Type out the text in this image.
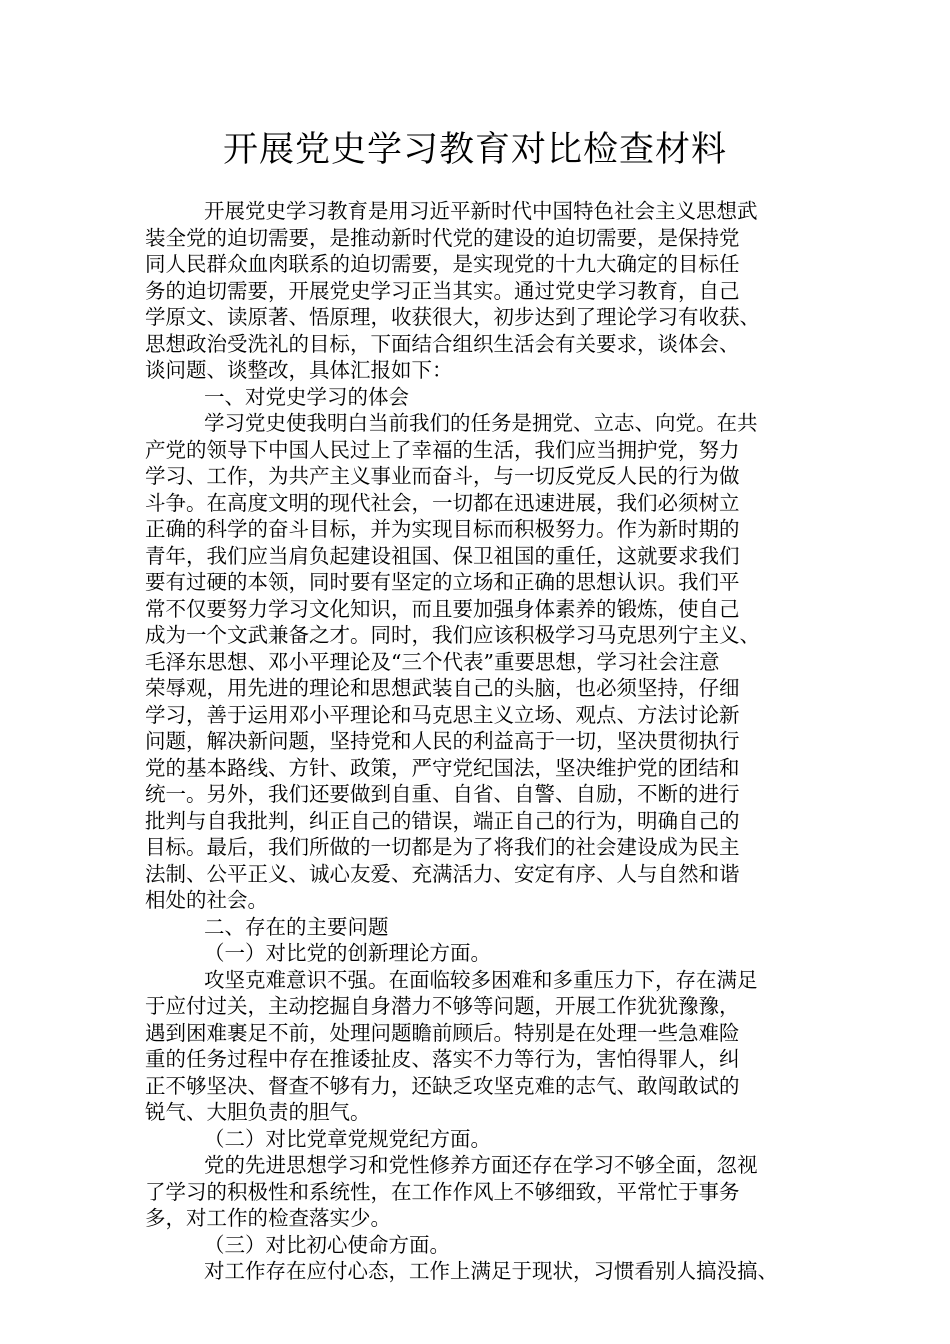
开展党史学习教育对比检查材料
开展党史学习教育是用习近平新时代中国特色社会主义思想武
装全党的迫切需要，是推动新时代党的建设的迫切需要，是保持党
同人民群众血肉联系的迫切需要，是实现党的十九大确定的目标任
务的迫切需要，开展党史学习正当其实。通过党史学习教育，自己
学原文、读原著、悟原理，收获很大，初步达到了理论学习有收获、
思想政治受洗礼的目标，下面结合组织生活会有关要求，谈体会、
谈问题、谈整改，具体汇报如下：
一、对党史学习的体会
学习党史使我明白当前我们的任务是拥党、立志、向党。在共
产党的领导下中国人民过上了幸福的生活，我们应当拥护党，努力
学习、工作，为共产主义事业而奋斗，与一切反党反人民的行为做
斗争。在高度文明的现代社会，一切都在迅速进展，我们必须树立
正确的科学的奋斗目标，并为实现目标而积极努力。作为新时期的
青年，我们应当肩负起建设祖国、保卫祖国的重任，这就要求我们
要有过硬的本领，同时要有坚定的立场和正确的思想认识。我们平
常不仅要努力学习文化知识，而且要加强身体素养的锻炼，使自己
成为一个文武兼备之才。同时，我们应该积极学习马克思列宁主义、
毛泽东思想、邓小平理论及“三个代表”重要思想，学习社会注意
荣辱观，用先进的理论和思想武装自己的头脑，也必须坚持，仔细
学习，善于运用邓小平理论和马克思主义立场、观点、方法讨论新
问题，解决新问题，坚持党和人民的利益高于一切，坚决贯彻执行
党的基本路线、方针、政策，严守党纪国法，坚决维护党的团结和
统一。另外，我们还要做到自重、自省、自警、自励，不断的进行
批判与自我批判，纠正自己的错误，端正自己的行为，明确自己的
目标。最后，我们所做的一切都是为了将我们的社会建设成为民主
法制、公平正义、诚心友爱、充满活力、安定有序、人与自然和谐
相处的社会。
二、存在的主要问题
（一）对比党的创新理论方面。
攻坚克难意识不强。在面临较多困难和多重压力下，存在满足
于应付过关，主动挖掘自身潜力不够等问题，开展工作犹犹豫豫，
遇到困难裹足不前，处理问题瞻前顾后。特别是在处理一些急难险
重的任务过程中存在推诿扯皮、落实不力等行为，害怕得罪人，纠
正不够坚决、督查不够有力，还缺乏攻坚克难的志气、敢闯敢试的
锐气、大胆负责的胆气。
（二）对比党章党规党纪方面。
党的先进思想学习和党性修养方面还存在学习不够全面，忽视
了学习的积极性和系统性，在工作作风上不够细致，平常忙于事务
多，对工作的检查落实少。
（三）对比初心使命方面。
对工作存在应付心态，工作上满足于现状，习惯看别人搞没搞、
